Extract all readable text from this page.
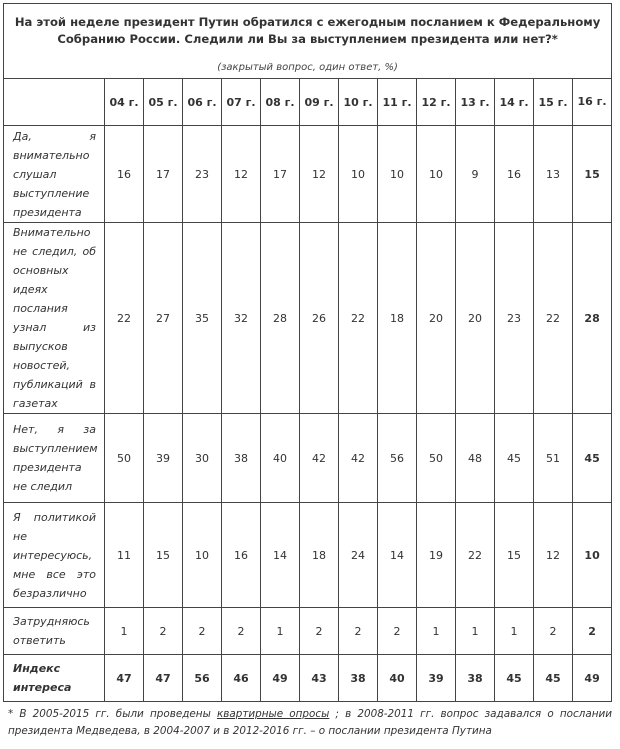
На этой неделе президент Путин обратился с ежегодным посланием к Федеральному Собранию России. Следили ли Вы за выступлением президента или нет?*
(закрытый вопрос, один ответ, %)													

	04 г.	05 г.	06 г.	07 г.	08 г.	09 г.	10 г.	11 г.	12 г.	13 г.	14 г.	15 г.	16 г.
Да, я внимательно слушал выступление президента	16	17	23	12	17	12	10	10	10	9	16	13	15
Внимательно не следил, об основных идеях послания узнал из выпусков новостей, публикаций в газетах	22	27	35	32	28	26	22	18	20	20	23	22	28
Нет, я за выступлением президента не следил	50	39	30	38	40	42	42	56	50	48	45	51	45
Я политикой не интересуюсь, мне все это безразлично	11	15	10	16	14	18	24	14	19	22	15	12	10
Затрудняюсь ответить	1	2	2	2	1	2	2	2	1	1	1	2	2
Индекс интереса	47	47	56	46	49	43	38	40	39	38	45	45	49
* В 2005-2015 гг. были проведены квартирные опросы ; в 2008-2011 гг. вопрос задавался о послании президента Медведева, в 2004-2007 и в 2012-2016 гг. – о послании президента Путина
